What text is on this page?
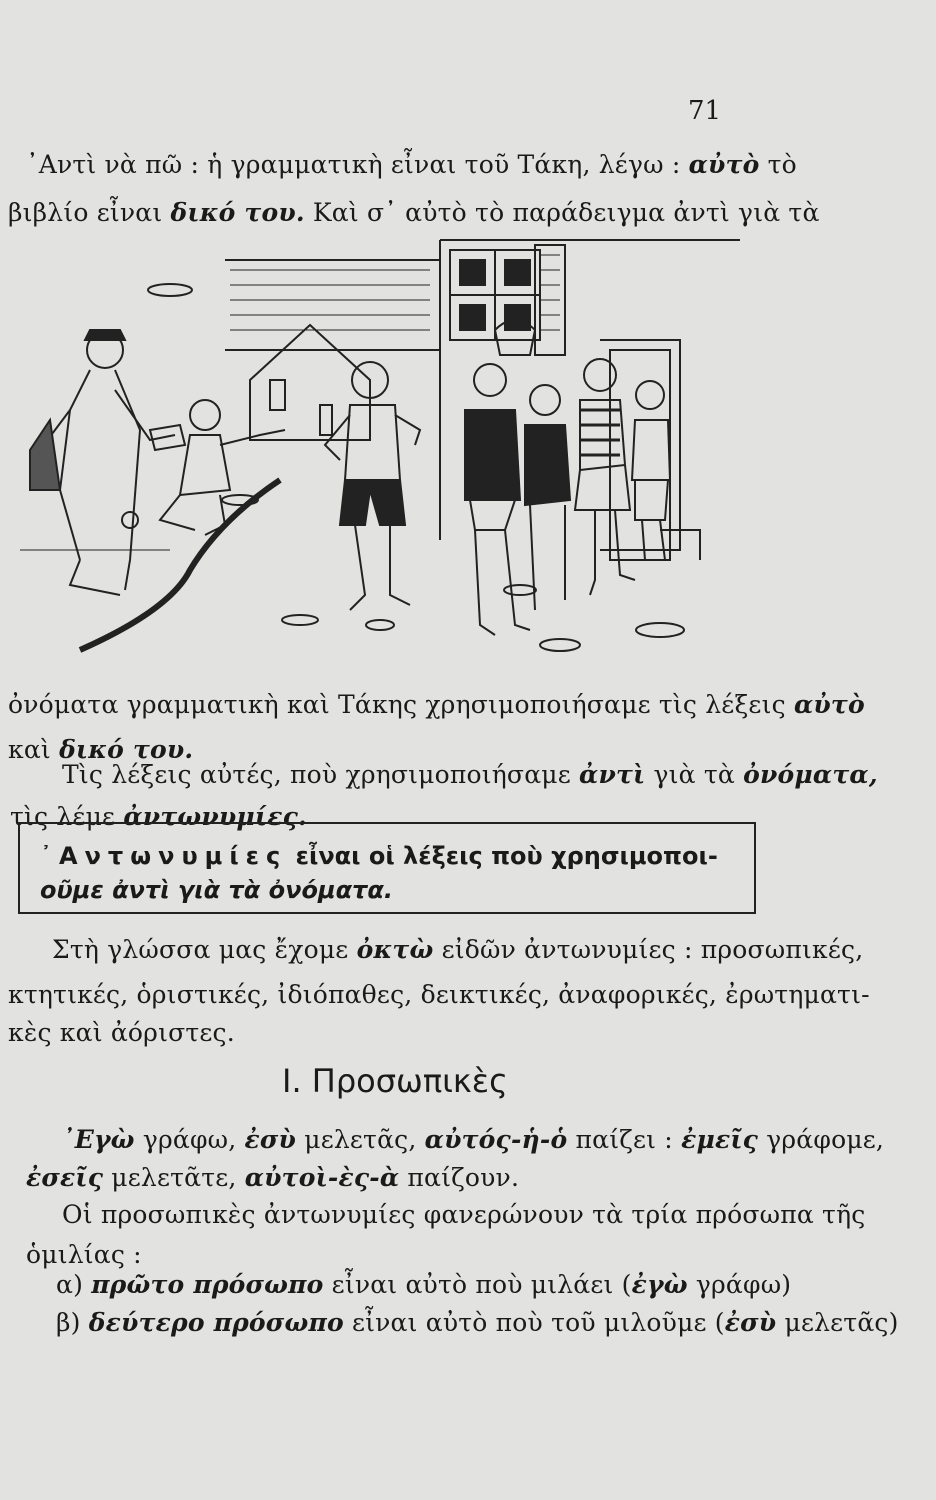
71
᾿Αντὶ νὰ πῶ : ἡ γραμματικὴ εἶναι τοῦ Τάκη, λέγω : αὐτὸ τὸ
βιβλίο εἶναι δικό του. Καὶ σ᾿ αὐτὸ τὸ παράδειγμα ἀντὶ γιὰ τὰ
ὀνόματα γραμματικὴ καὶ Τάκης χρησιμοποιήσαμε τὶς λέξεις αὐτὸ
καὶ δικό του.
Τὶς λέξεις αὐτές, ποὺ χρησιμοποιήσαμε ἀντὶ γιὰ τὰ ὀνόματα,
τὶς λέμε ἀντωνυμίες.
᾿Αντωνυμίες εἶναι οἱ λέξεις ποὺ χρησιμοποι-
οῦμε ἀντὶ γιὰ τὰ ὀνόματα.
Στὴ γλώσσα μας ἔχομε ὀκτὼ εἰδῶν ἀντωνυμίες : προσωπικές,
κτητικές, ὁριστικές, ἰδιόπαθες, δεικτικές, ἀναφορικές, ἐρωτηματι-
κὲς καὶ ἀόριστες.
I. Προσωπικὲς
᾿Εγὼ γράφω, ἐσὺ μελετᾶς, αὐτός-ἡ-ὁ παίζει : ἐμεῖς γράφομε,
ἐσεῖς μελετᾶτε, αὐτοὶ-ὲς-ὰ παίζουν.
Οἱ προσωπικὲς ἀντωνυμίες φανερώνουν τὰ τρία πρόσωπα τῆς
ὁμιλίας :
α) πρῶτο πρόσωπο εἶναι αὐτὸ ποὺ μιλάει (ἐγὼ γράφω)
β) δεύτερο πρόσωπο εἶναι αὐτὸ ποὺ τοῦ μιλοῦμε (ἐσὺ μελετᾶς)
